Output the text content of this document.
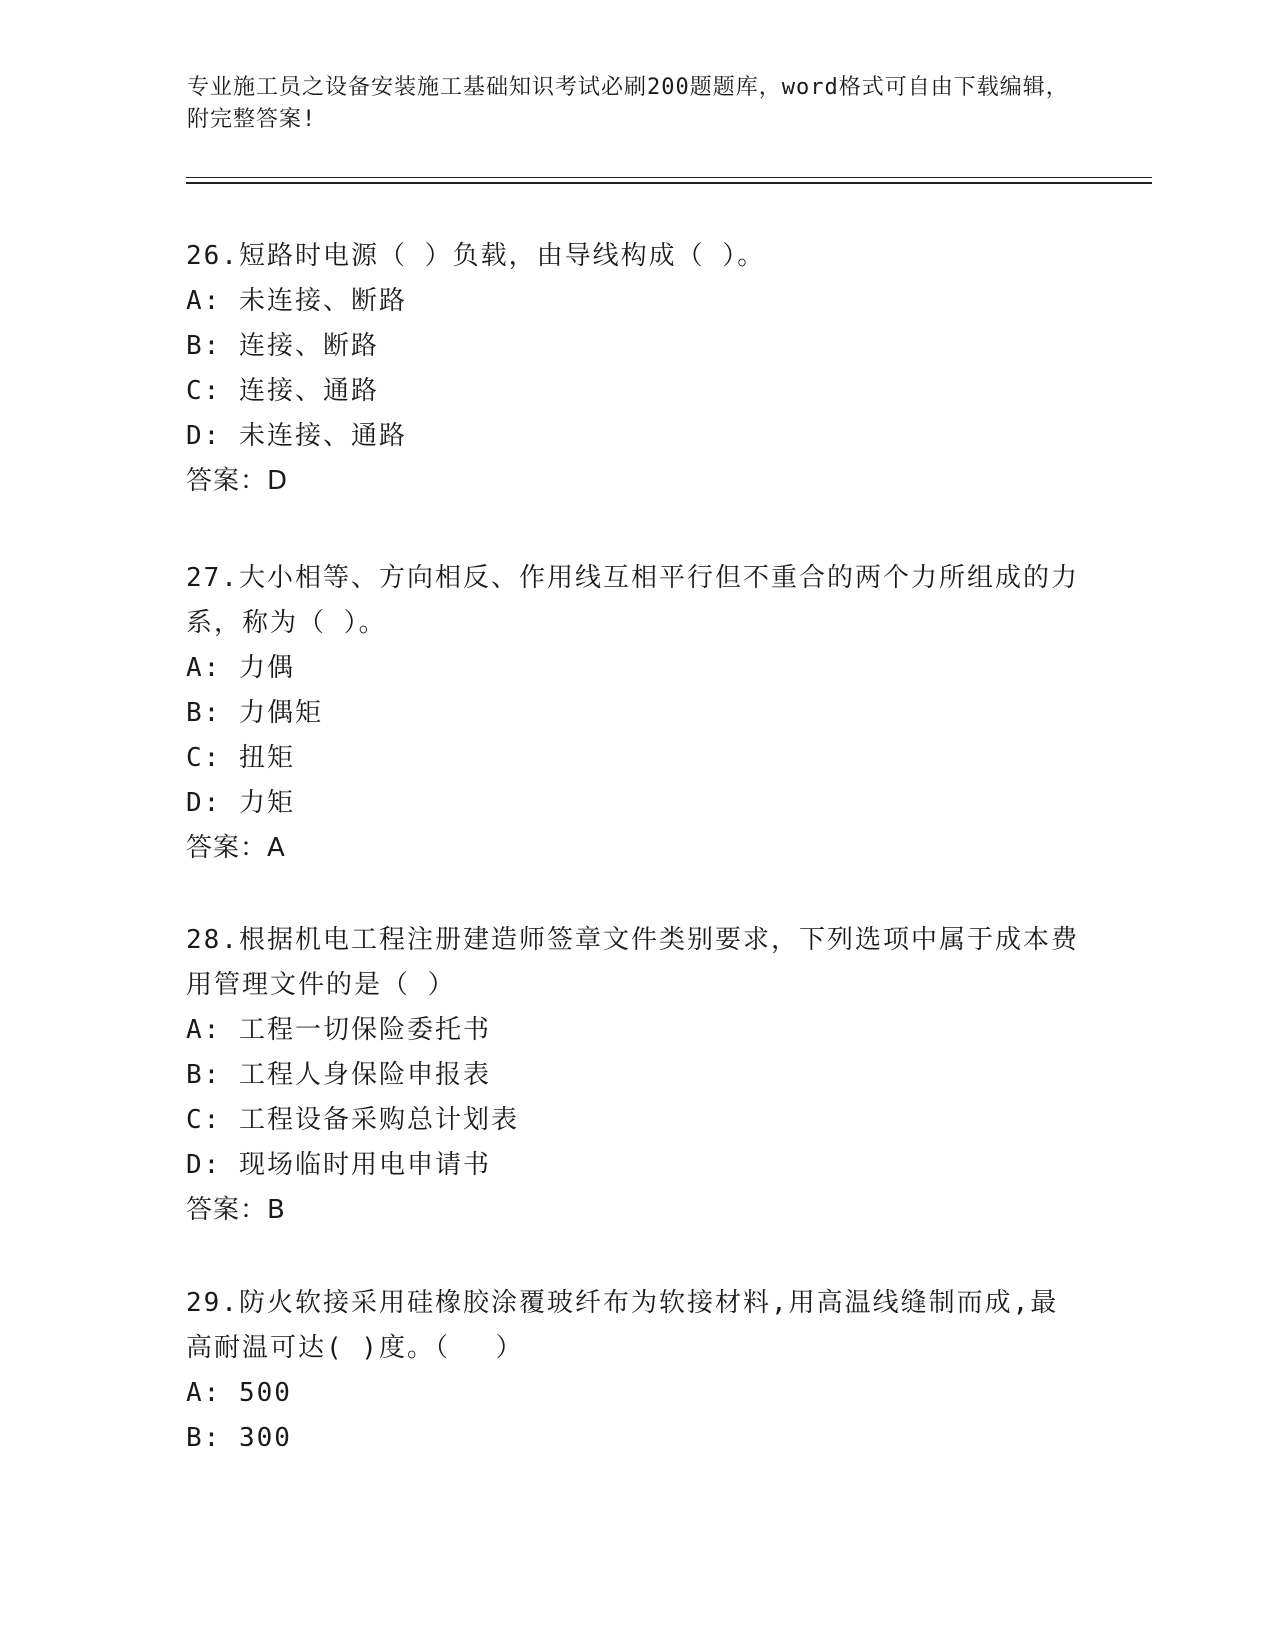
专业施工员之设备安装施工基础知识考试必刷200题题库，word格式可自由下载编辑，附完整答案!

26.短路时电源（ ）负载，由导线构成（ ）。

A: 未连接、断路
B: 连接、断路
C: 连接、通路
D: 未连接、通路
答案：D

27.大小相等、方向相反、作用线互相平行但不重合的两个力所组成的力系，称为（ ）。

A: 力偶
B: 力偶矩
C: 扭矩
D: 力矩
答案：A

28.根据机电工程注册建造师签章文件类别要求，下列选项中属于成本费用管理文件的是（ ）

A: 工程一切保险委托书
B: 工程人身保险申报表
C: 工程设备采购总计划表
D: 现场临时用电申请书
答案：B

29.防火软接采用硅橡胶涂覆玻纤布为软接材料,用高温线缝制而成,最高耐温可达( )度。（　 ）

A: 500
B: 300
